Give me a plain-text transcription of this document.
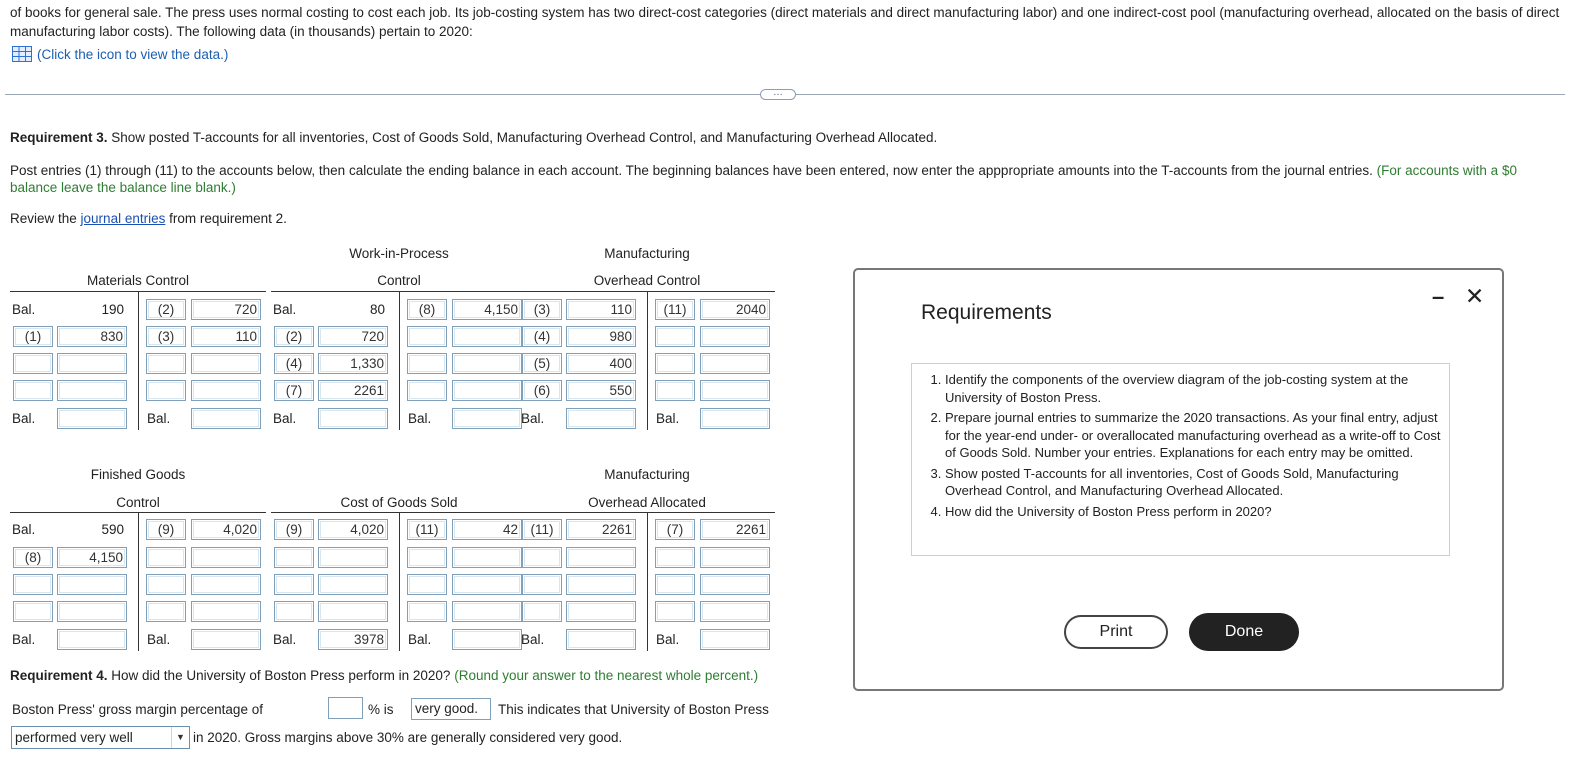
of books for general sale. The press uses normal costing to cost each job. Its job-costing system has two direct-cost categories (direct materials and direct manufacturing labor) and one indirect-cost pool (manufacturing overhead, allocated on the basis of direct manufacturing labor costs). The following data (in thousands) pertain to 2020:
(Click the icon to view the data.)
…
Requirement 3. Show posted T-accounts for all inventories, Cost of Goods Sold, Manufacturing Overhead Control, and Manufacturing Overhead Allocated.
Post entries (1) through (11) to the accounts below, then calculate the ending balance in each account. The beginning balances have been entered, now enter the apppropriate amounts into the T-accounts from the journal entries. (For accounts with a $0 balance leave the balance line blank.)
Review the journal entries from requirement 2.
Materials Control
Bal.	190	(2)	720
(1)	830	(3)	110
Bal.	Bal.
Work-in-Process
Control
Bal.	80	(8)	4,150
(2)	720
(4)	1,330
(7)	2261
Bal.	Bal.
Manufacturing
Overhead Control
(3)	110	(11)	2040
(4)	980
(5)	400
(6)	550
Bal.	Bal.
Finished Goods
Control
Bal.	590	(9)	4,020
(8)	4,150
Bal.	Bal.
Cost of Goods Sold
(9)	4,020	(11)	42
Bal.	3978 Bal.
Manufacturing
Overhead Allocated
(11)	2261	(7)	2261
Bal.	Bal.
Requirement 4. How did the University of Boston Press perform in 2020? (Round your answer to the nearest whole percent.)
Boston Press' gross margin percentage of	% is very good.	This indicates that University of Boston Press
performed very well	▼ in 2020. Gross margins above 30% are generally considered very good.
Requirements
– ✕
1. Identify the components of the overview diagram of the job-costing system at the University of Boston Press.
2. Prepare journal entries to summarize the 2020 transactions. As your final entry, adjust for the year-end under- or overallocated manufacturing overhead as a write-off to Cost of Goods Sold. Number your entries. Explanations for each entry may be omitted.
3. Show posted T-accounts for all inventories, Cost of Goods Sold, Manufacturing Overhead Control, and Manufacturing Overhead Allocated.
4. How did the University of Boston Press perform in 2020?
Print	Done
